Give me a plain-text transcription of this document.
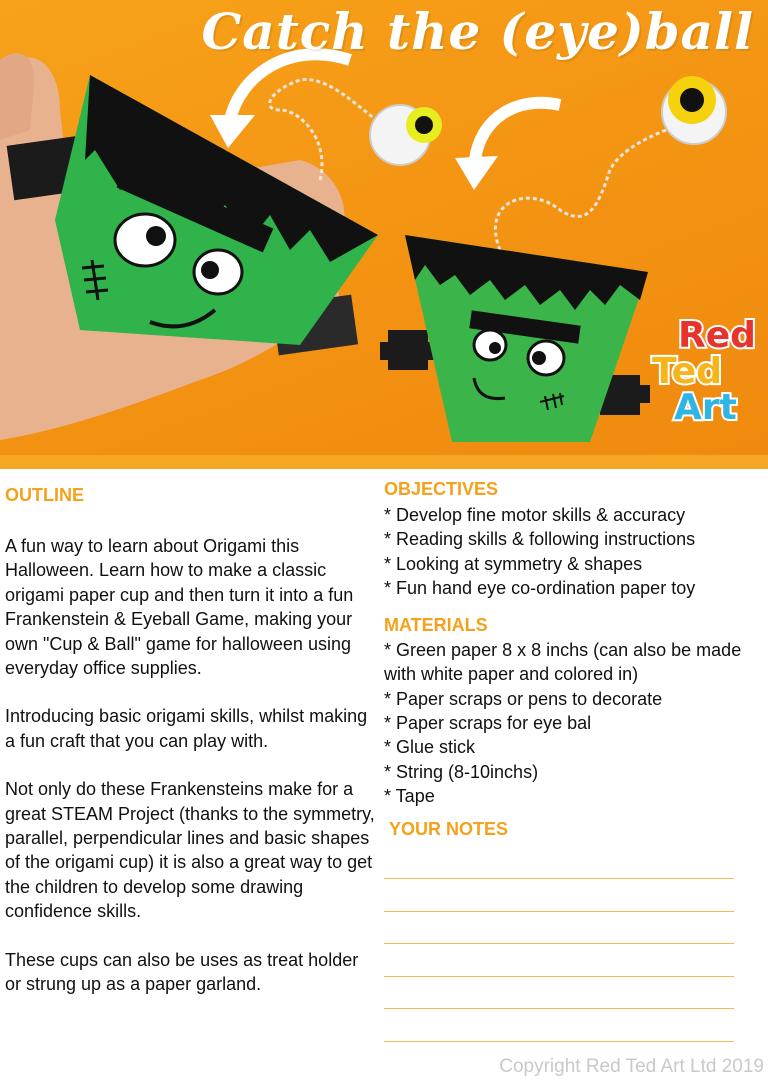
Catch the (eye)ball
Red
Ted
Art
OUTLINE

A fun way to learn about Origami this Halloween. Learn how to make a classic origami paper cup and then turn it into a fun Frankenstein & Eyeball Game, making your own "Cup & Ball" game for halloween using everyday office supplies.

Introducing basic origami skills, whilst making a fun craft that you can play with.

Not only do these Frankensteins make for a great STEAM Project (thanks to the symmetry, parallel, perpendicular lines and basic shapes of the origami cup) it is also a great way to get the children to develop some drawing confidence skills.

These cups can also be uses as treat holder or strung up as a paper garland.

OBJECTIVES
* Develop fine motor skills & accuracy
* Reading skills & following instructions
* Looking at symmetry & shapes
* Fun hand eye co-ordination paper toy
MATERIALS
* Green paper 8 x 8 inchs (can also be made with white paper and colored in)
* Paper scraps or pens to decorate
* Paper scraps for eye bal
* Glue stick
* String (8-10inchs)
* Tape
YOUR NOTES
Copyright Red Ted Art Ltd 2019
